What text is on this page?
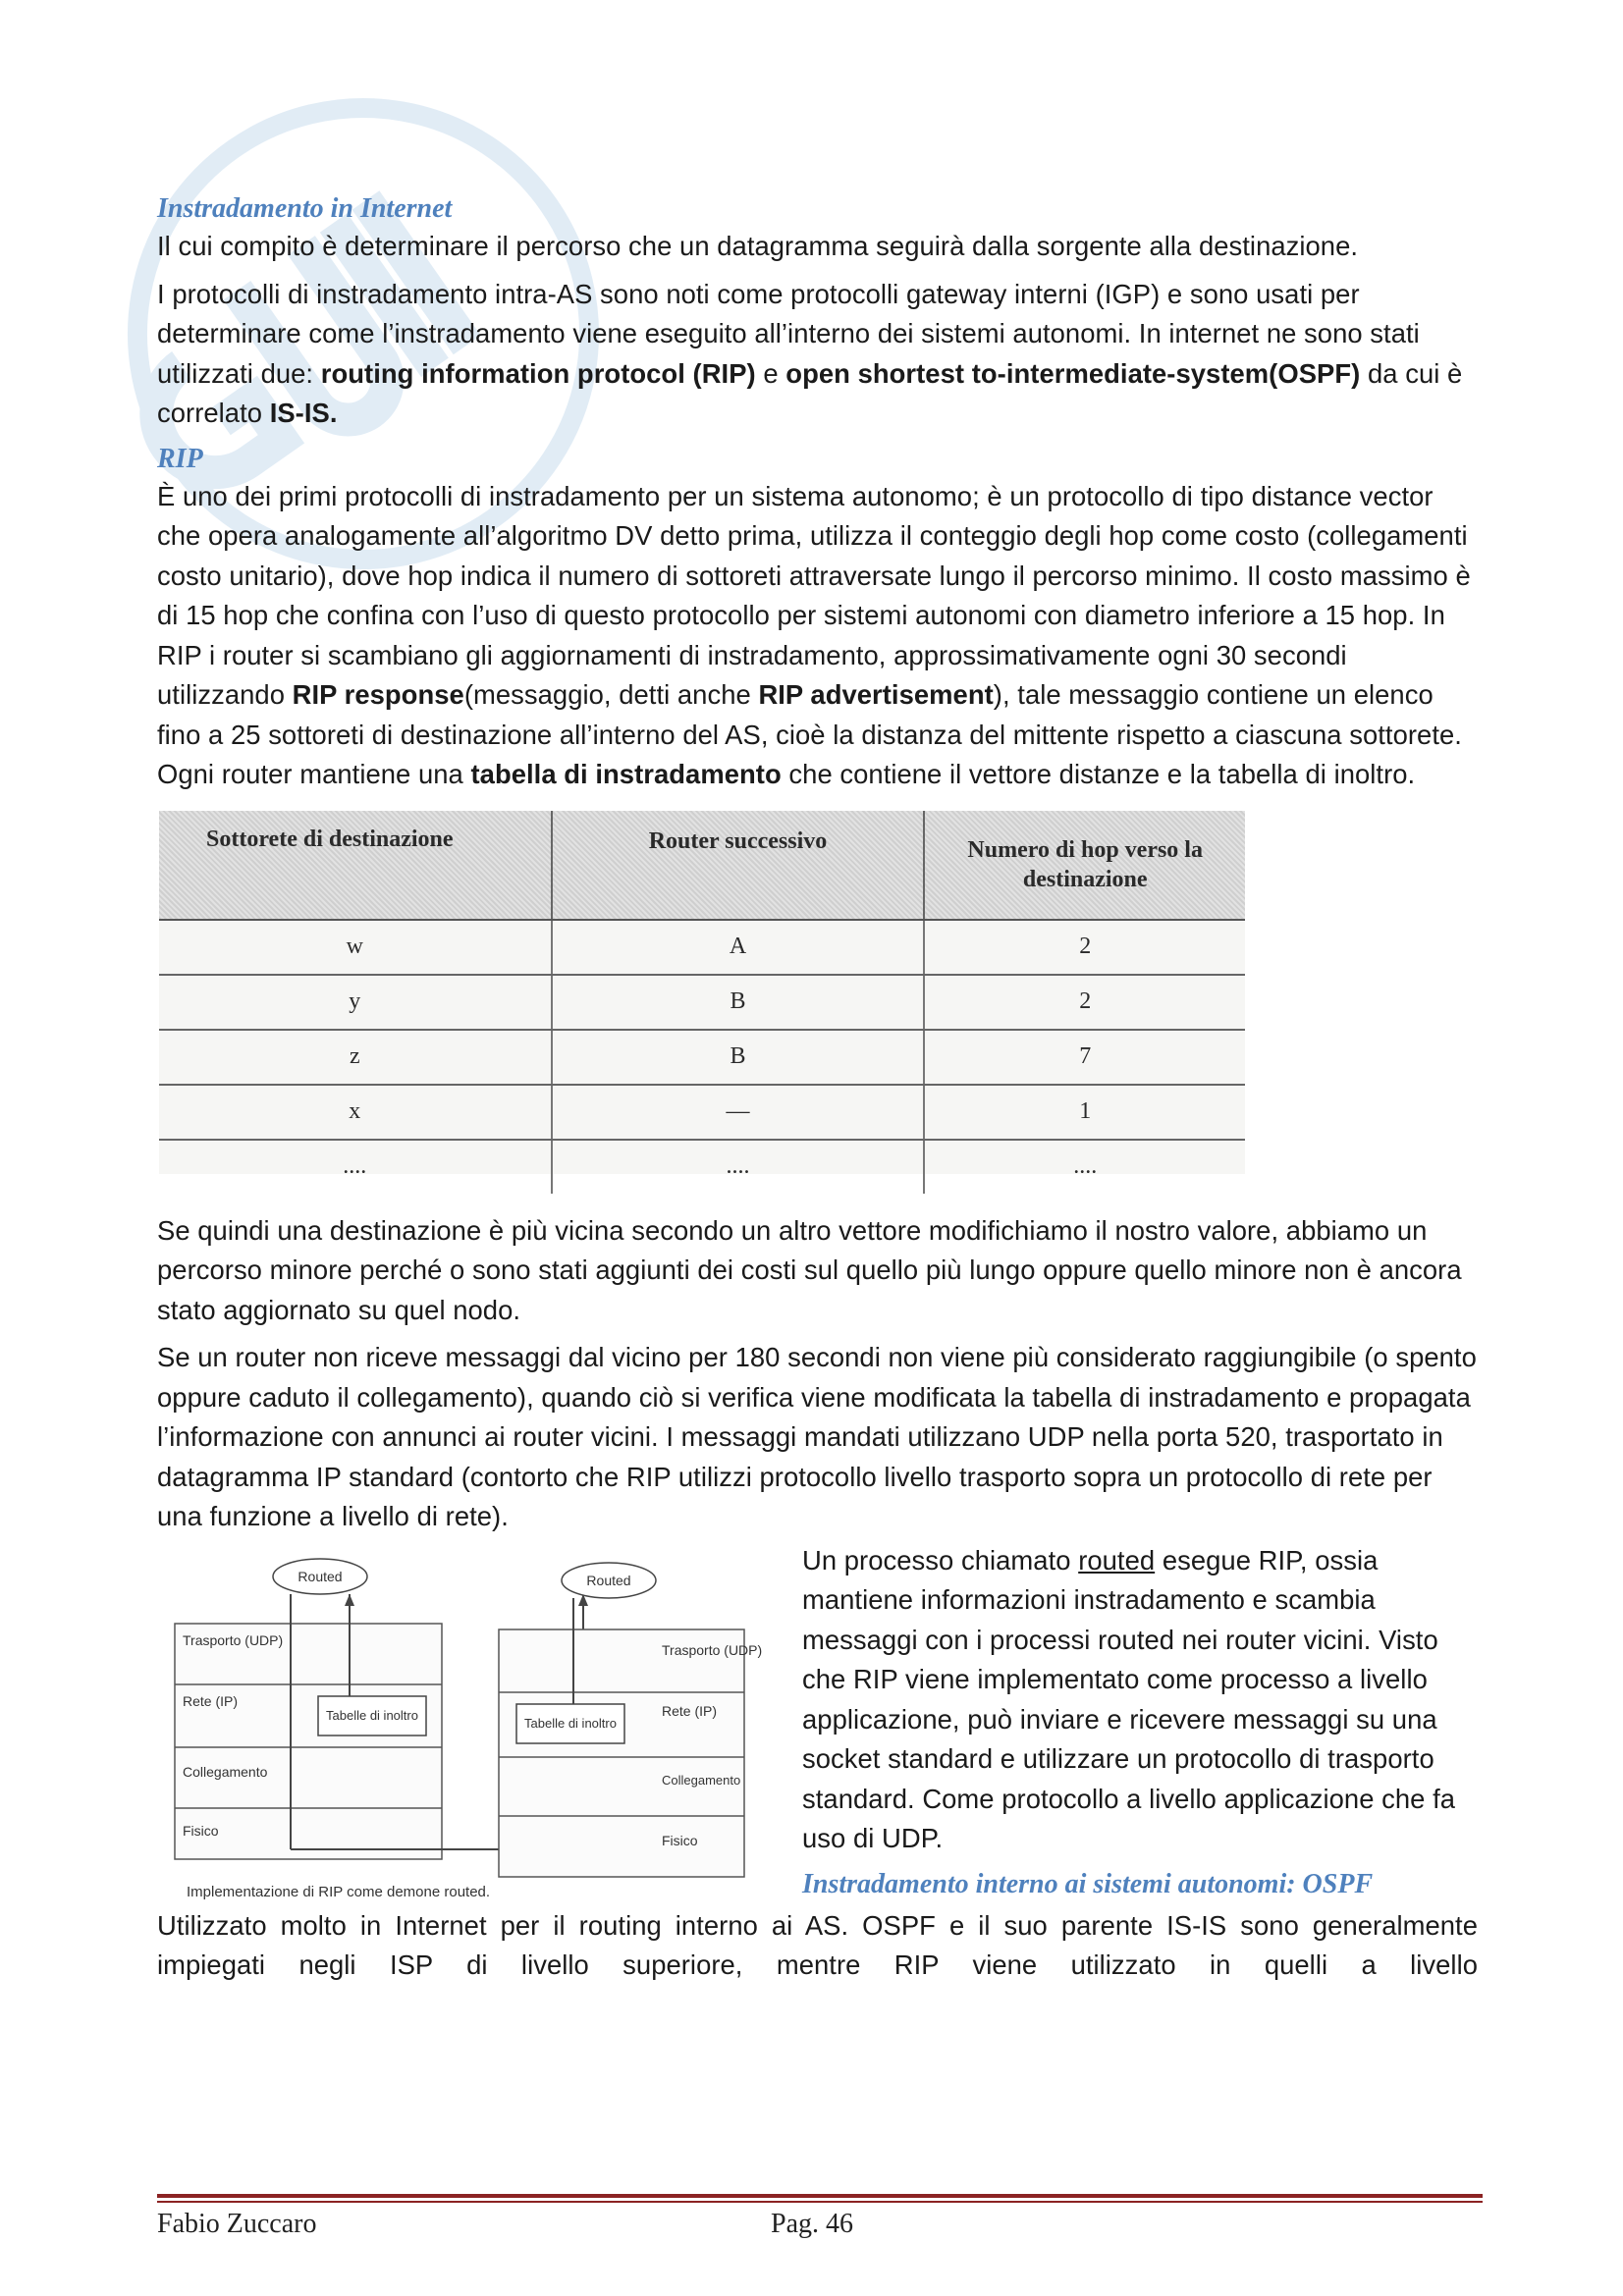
Instradamento in Internet

Il cui compito è determinare il percorso che un datagramma seguirà dalla sorgente alla destinazione.

I protocolli di instradamento intra-AS sono noti come protocolli gateway interni (IGP) e sono usati per determinare come l’instradamento viene eseguito all’interno dei sistemi autonomi. In internet ne sono stati utilizzati due: routing information protocol (RIP) e open shortest to-intermediate-system(OSPF) da cui è correlato IS-IS.

RIP

È uno dei primi protocolli di instradamento per un sistema autonomo; è un protocollo di tipo distance vector che opera analogamente all’algoritmo DV detto prima, utilizza il conteggio degli hop come costo (collegamenti costo unitario), dove hop indica il numero di sottoreti attraversate lungo il percorso minimo. Il costo massimo è di 15 hop che confina con l’uso di questo protocollo per sistemi autonomi con diametro inferiore a 15 hop. In RIP i router si scambiano gli aggiornamenti di instradamento, approssimativamente ogni 30 secondi utilizzando RIP response(messaggio, detti anche RIP advertisement), tale messaggio contiene un elenco fino a 25 sottoreti di destinazione all’interno del AS, cioè la distanza del mittente rispetto a ciascuna sottorete. Ogni router mantiene una tabella di instradamento che contiene il vettore distanze e la tabella di inoltro.

Sottorete di destinazione	Router successivo	Numero di hop verso la destinazione
w	A	2
y	B	2
z	B	7
x	—	1
....	....	....

Se quindi una destinazione è più vicina secondo un altro vettore modifichiamo il nostro valore, abbiamo un percorso minore perché o sono stati aggiunti dei costi sul quello più lungo oppure quello minore non è ancora stato aggiornato su quel nodo.

Se un router non riceve messaggi dal vicino per 180 secondi non viene più considerato raggiungibile (o spento oppure caduto il collegamento), quando ciò si verifica viene modificata la tabella di instradamento e propagata l’informazione con annunci ai router vicini. I messaggi mandati utilizzano UDP nella porta 520, trasportato in datagramma IP standard (contorto che RIP utilizzi protocollo livello trasporto sopra un protocollo di rete per una funzione a livello di rete).

Trasporto (UDP)
Rete (IP)
Collegamento
Fisico
Tabelle di inoltro
Routed
Trasporto (UDP)
Rete (IP)
Collegamento
Fisico
Tabelle di inoltro
Routed
Implementazione di RIP come demone routed.

Un processo chiamato routed esegue RIP, ossia mantiene informazioni instradamento e scambia messaggi con i processi routed nei router vicini. Visto che RIP viene implementato come processo a livello applicazione, può inviare e ricevere messaggi su una socket standard e utilizzare un protocollo di trasporto standard. Come protocollo a livello applicazione che fa uso di UDP.

Instradamento interno ai sistemi autonomi: OSPF

Utilizzato molto in Internet per il routing interno ai AS. OSPF e il suo parente IS-IS sono generalmente impiegati negli ISP di livello superiore, mentre RIP viene utilizzato in quelli a livello

Fabio Zuccaro	Pag. 46
